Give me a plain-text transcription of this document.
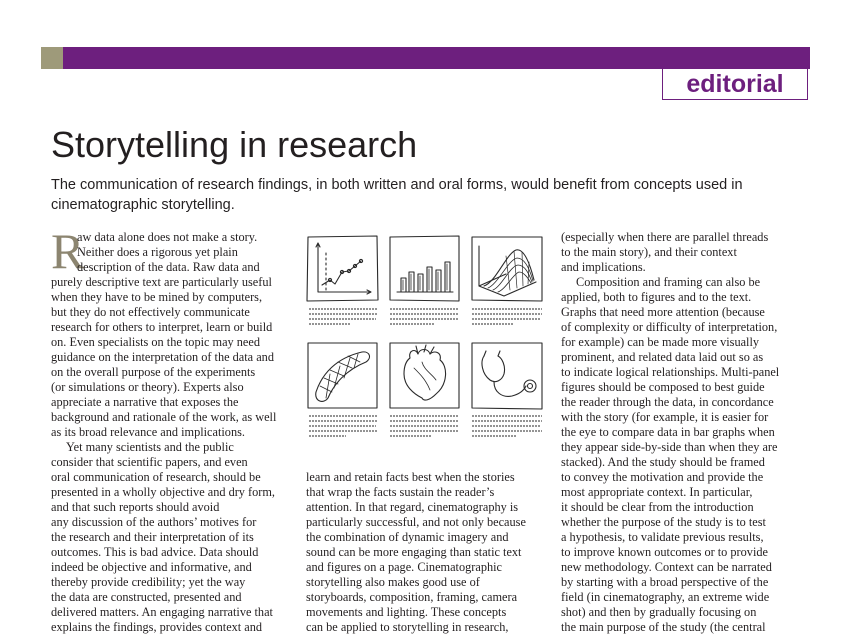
editorial
Storytelling in research

The communication of research findings, in both written and oral forms, would benefit from concepts used in
cinematographic storytelling.

R
aw data alone does not make a story.
Neither does a rigorous yet plain
description of the data. Raw data and
purely descriptive text are particularly useful
when they have to be mined by computers,
but they do not effectively communicate
research for others to interpret, learn or build
on. Even specialists on the topic may need
guidance on the interpretation of the data and
on the overall purpose of the experiments
(or simulations or theory). Experts also
appreciate a narrative that exposes the
background and rationale of the work, as well
as its broad relevance and implications.
Yet many scientists and the public
consider that scientific papers, and even
oral communication of research, should be
presented in a wholly objective and dry form,
and that such reports should avoid
any discussion of the authors’ motives for
the research and their interpretation of its
outcomes. This is bad advice. Data should
indeed be objective and informative, and
thereby provide credibility; yet the way
the data are constructed, presented and
delivered matters. An engaging narrative that
explains the findings, provides context and
learn and retain facts best when the stories
that wrap the facts sustain the reader’s
attention. In that regard, cinematography is
particularly successful, and not only because
the combination of dynamic imagery and
sound can be more engaging than static text
and figures on a page. Cinematographic
storytelling also makes good use of
storyboards, composition, framing, camera
movements and lighting. These concepts
can be applied to storytelling in research,
(especially when there are parallel threads
to the main story), and their context
and implications.
Composition and framing can also be
applied, both to figures and to the text.
Graphs that need more attention (because
of complexity or difficulty of interpretation,
for example) can be made more visually
prominent, and related data laid out so as
to indicate logical relationships. Multi-panel
figures should be composed to best guide
the reader through the data, in concordance
with the story (for example, it is easier for
the eye to compare data in bar graphs when
they appear side-by-side than when they are
stacked). And the study should be framed
to convey the motivation and provide the
most appropriate context. In particular,
it should be clear from the introduction
whether the purpose of the study is to test
a hypothesis, to validate previous results,
to improve known outcomes or to provide
new methodology. Context can be narrated
by starting with a broad perspective of the
field (in cinematography, an extreme wide
shot) and then by gradually focusing on
the main purpose of the study (the central
